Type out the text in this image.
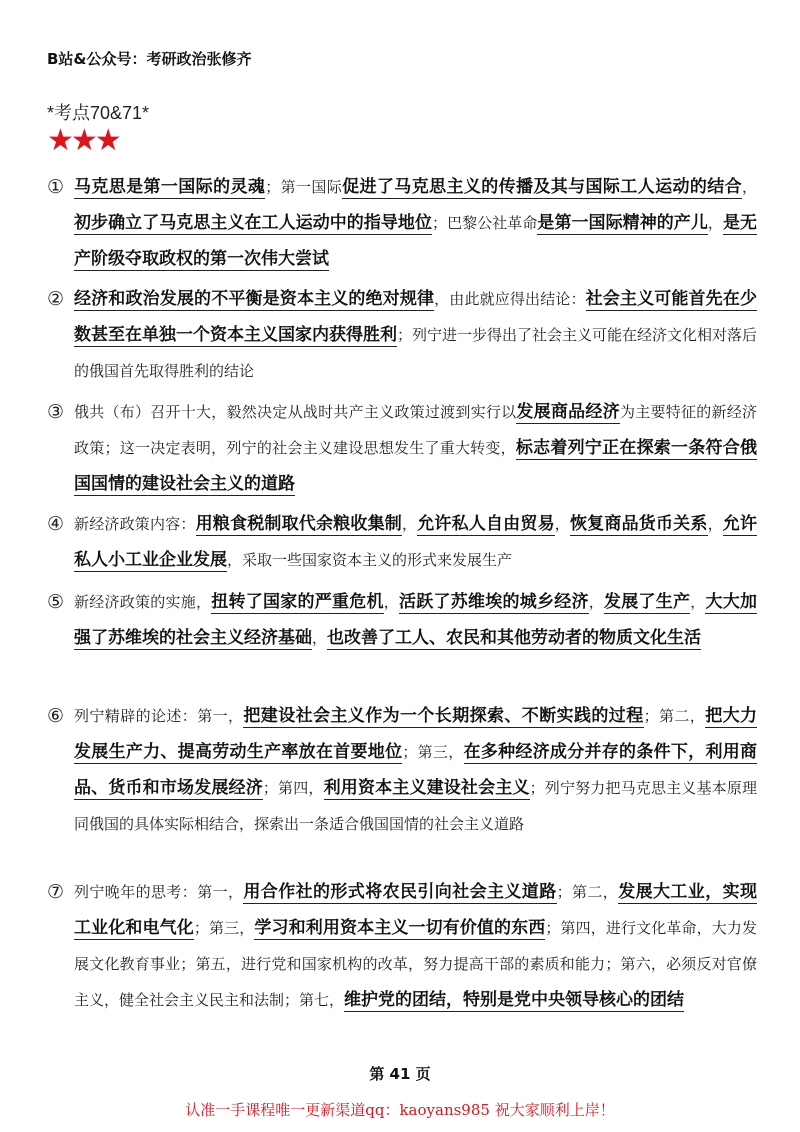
B站&公众号：考研政治张修齐
*考点70&71*
★★★
① 马克思是第一国际的灵魂；第一国际促进了马克思主义的传播及其与国际工人运动的结合，初步确立了马克思主义在工人运动中的指导地位；巴黎公社革命是第一国际精神的产儿，是无产阶级夺取政权的第一次伟大尝试
② 经济和政治发展的不平衡是资本主义的绝对规律，由此就应得出结论：社会主义可能首先在少数甚至在单独一个资本主义国家内获得胜利；列宁进一步得出了社会主义可能在经济文化相对落后的俄国首先取得胜利的结论
③ 俄共（布）召开十大，毅然决定从战时共产主义政策过渡到实行以发展商品经济为主要特征的新经济政策；这一决定表明，列宁的社会主义建设思想发生了重大转变，标志着列宁正在探索一条符合俄国国情的建设社会主义的道路
④ 新经济政策内容：用粮食税制取代余粮收集制，允许私人自由贸易，恢复商品货币关系，允许私人小工业企业发展，采取一些国家资本主义的形式来发展生产
⑤ 新经济政策的实施，扭转了国家的严重危机，活跃了苏维埃的城乡经济，发展了生产，大大加强了苏维埃的社会主义经济基础，也改善了工人、农民和其他劳动者的物质文化生活
⑥ 列宁精辟的论述：第一，把建设社会主义作为一个长期探索、不断实践的过程；第二，把大力发展生产力、提高劳动生产率放在首要地位；第三，在多种经济成分并存的条件下，利用商品、货币和市场发展经济；第四，利用资本主义建设社会主义；列宁努力把马克思主义基本原理同俄国的具体实际相结合，探索出一条适合俄国国情的社会主义道路
⑦ 列宁晚年的思考：第一，用合作社的形式将农民引向社会主义道路；第二，发展大工业，实现工业化和电气化；第三，学习和利用资本主义一切有价值的东西；第四，进行文化革命，大力发展文化教育事业；第五，进行党和国家机构的改革，努力提高干部的素质和能力；第六，必须反对官僚主义，健全社会主义民主和法制；第七，维护党的团结，特别是党中央领导核心的团结
第 41 页
认准一手课程唯一更新渠道qq：kaoyans985 祝大家顺利上岸！
